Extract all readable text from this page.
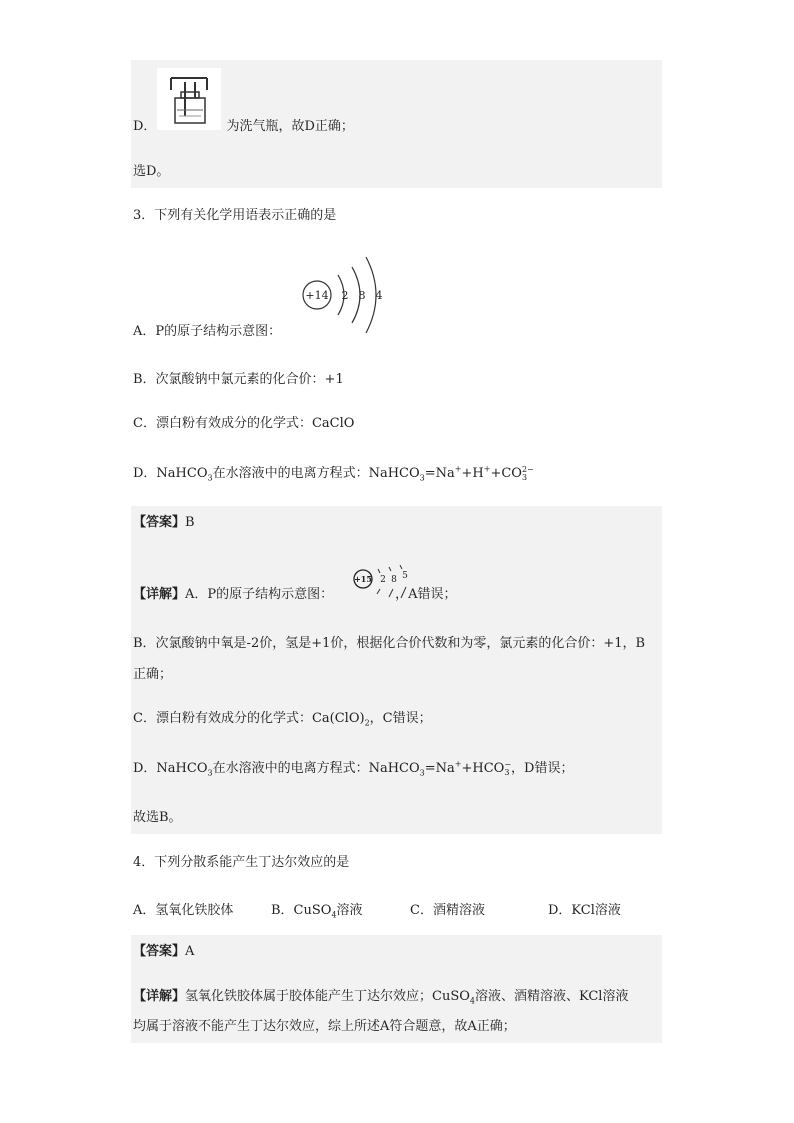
D．	为洗气瓶，故D正确；
选D。
3．下列有关化学用语表示正确的是
+14 2 8 4
A．P的原子结构示意图：
B．次氯酸钠中氯元素的化合价：+1
C．漂白粉有效成分的化学式：CaClO
D．NaHCO$_3$在水溶液中的电离方程式：NaHCO$_3$=Na++H++CO 2−
3
【答案】B
+15 2 8 5
【详解】A．P的原子结构示意图：	，A错误；
B．次氯酸钠中氧是-2价，氢是+1价，根据化合价代数和为零，氯元素的化合价：+1，B
正确；
C．漂白粉有效成分的化学式：$Ca(ClO)_2$，C错误；
D．NaHCO$_3$在水溶液中的电离方程式：NaHCO$_3$=Na++HCO −
3 ，D错误；
故选B。
4．下列分散系能产生丁达尔效应的是
A．氢氧化铁胶体	B．CuSO$_4$溶液	C．酒精溶液	D．KCl溶液
【答案】A
【详解】氢氧化铁胶体属于胶体能产生丁达尔效应；CuSO$_4$溶液、酒精溶液、KCl溶液
均属于溶液不能产生丁达尔效应，综上所述A符合题意，故A正确；
